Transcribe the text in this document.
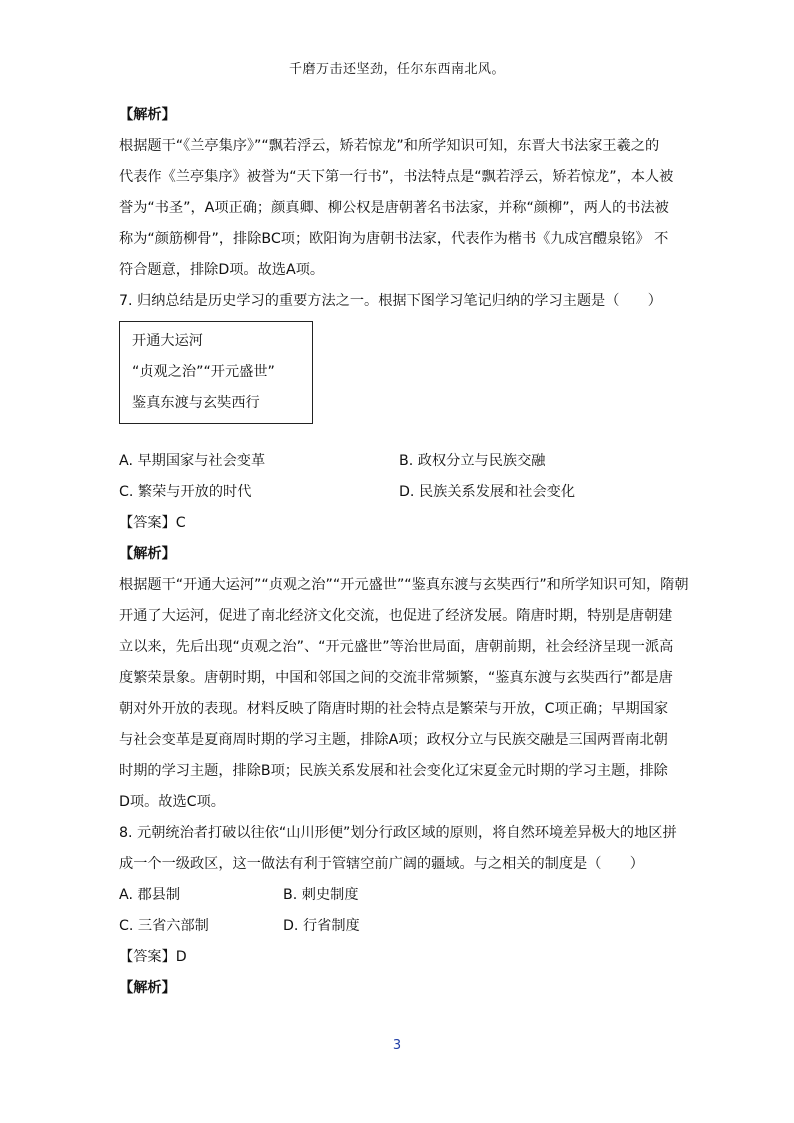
千磨万击还坚劲，任尔东西南北风。
【解析】
根据题干“《兰亭集序》”“飘若浮云，矫若惊龙”和所学知识可知，东晋大书法家王羲之的
代表作《兰亭集序》被誉为“天下第一行书”，书法特点是“飘若浮云，矫若惊龙”，本人被
誉为“书圣”，A项正确；颜真卿、柳公权是唐朝著名书法家，并称“颜柳”，两人的书法被
称为“颜筋柳骨”，排除BC项；欧阳询为唐朝书法家，代表作为楷书《九成宫醴泉铭》 不
符合题意，排除D项。故选A项。
7. 归纳总结是历史学习的重要方法之一。根据下图学习笔记归纳的学习主题是（　　）
开通大运河
“贞观之治”“开元盛世”
鉴真东渡与玄奘西行
A. 早期国家与社会变革	B. 政权分立与民族交融
C. 繁荣与开放的时代	D. 民族关系发展和社会变化
【答案】C
【解析】
根据题干“开通大运河”“贞观之治”“开元盛世”“鉴真东渡与玄奘西行”和所学知识可知，隋朝
开通了大运河，促进了南北经济文化交流，也促进了经济发展。隋唐时期，特别是唐朝建
立以来，先后出现“贞观之治”、“开元盛世”等治世局面，唐朝前期，社会经济呈现一派高
度繁荣景象。唐朝时期，中国和邻国之间的交流非常频繁，“鉴真东渡与玄奘西行”都是唐
朝对外开放的表现。材料反映了隋唐时期的社会特点是繁荣与开放，C项正确；早期国家
与社会变革是夏商周时期的学习主题，排除A项；政权分立与民族交融是三国两晋南北朝
时期的学习主题，排除B项；民族关系发展和社会变化辽宋夏金元时期的学习主题，排除
D项。故选C项。
8. 元朝统治者打破以往依“山川形便”划分行政区域的原则，将自然环境差异极大的地区拼
成一个一级政区，这一做法有利于管辖空前广阔的疆域。与之相关的制度是（　　）
A. 郡县制	B. 刺史制度
C. 三省六部制	D. 行省制度
【答案】D
【解析】
3
